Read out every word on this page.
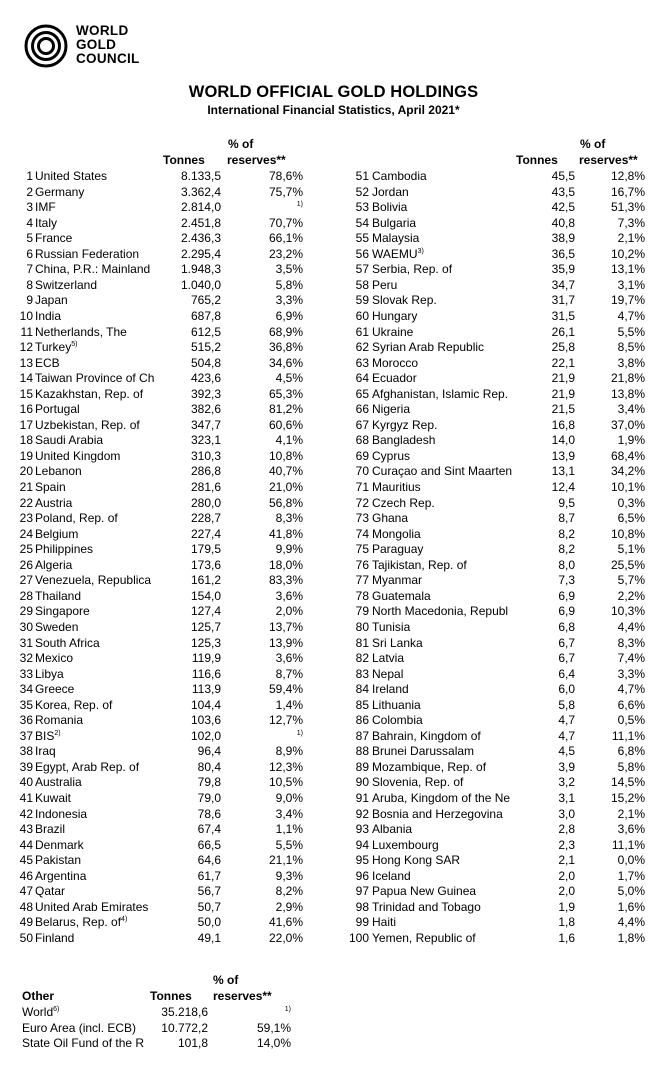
WORLD
GOLD
COUNCIL
WORLD OFFICIAL GOLD HOLDINGS
International Financial Statistics, April 2021*
% of
Tonnes reserves**
% of
Tonnes reserves**
1 United States	8.133,5	78,6%
2 Germany	3.362,4	75,7%
3 IMF	2.814,0	$^{1)}$
4 Italy	2.451,8	70,7%
5 France	2.436,3	66,1%
6 Russian Federation	2.295,4	23,2%
7 China, P.R.: Mainland	1.948,3	3,5%
8 Switzerland	1.040,0	5,8%
9 Japan	765,2	3,3%
10 India	687,8	6,9%
11 Netherlands, The	612,5	68,9%
12 Turkey$^{5)}$	515,2	36,8%
13 ECB	504,8	34,6%
14 Taiwan Province of Ch	423,6	4,5%
15 Kazakhstan, Rep. of	392,3	65,3%
16 Portugal	382,6	81,2%
17 Uzbekistan, Rep. of	347,7	60,6%
18 Saudi Arabia	323,1	4,1%
19 United Kingdom	310,3	10,8%
20 Lebanon	286,8	40,7%
21 Spain	281,6	21,0%
22 Austria	280,0	56,8%
23 Poland, Rep. of	228,7	8,3%
24 Belgium	227,4	41,8%
25 Philippines	179,5	9,9%
26 Algeria	173,6	18,0%
27 Venezuela, Republica	161,2	83,3%
28 Thailand	154,0	3,6%
29 Singapore	127,4	2,0%
30 Sweden	125,7	13,7%
31 South Africa	125,3	13,9%
32 Mexico	119,9	3,6%
33 Libya	116,6	8,7%
34 Greece	113,9	59,4%
35 Korea, Rep. of	104,4	1,4%
36 Romania	103,6	12,7%
37 BIS$^{2)}$	102,0	$^{1)}$
38 Iraq	96,4	8,9%
39 Egypt, Arab Rep. of	80,4	12,3%
40 Australia	79,8	10,5%
41 Kuwait	79,0	9,0%
42 Indonesia	78,6	3,4%
43 Brazil	67,4	1,1%
44 Denmark	66,5	5,5%
45 Pakistan	64,6	21,1%
46 Argentina	61,7	9,3%
47 Qatar	56,7	8,2%
48 United Arab Emirates	50,7	2,9%
49 Belarus, Rep. of$^{4)}$	50,0	41,6%
50 Finland	49,1	22,0%
51 Cambodia	45,5	12,8%
52 Jordan	43,5	16,7%
53 Bolivia	42,5	51,3%
54 Bulgaria	40,8	7,3%
55 Malaysia	38,9	2,1%
56 WAEMU$^{3)}$	36,5	10,2%
57 Serbia, Rep. of	35,9	13,1%
58 Peru	34,7	3,1%
59 Slovak Rep.	31,7	19,7%
60 Hungary	31,5	4,7%
61 Ukraine	26,1	5,5%
62 Syrian Arab Republic	25,8	8,5%
63 Morocco	22,1	3,8%
64 Ecuador	21,9	21,8%
65 Afghanistan, Islamic Rep.	21,9	13,8%
66 Nigeria	21,5	3,4%
67 Kyrgyz Rep.	16,8	37,0%
68 Bangladesh	14,0	1,9%
69 Cyprus	13,9	68,4%
70 Curaçao and Sint Maarten	13,1	34,2%
71 Mauritius	12,4	10,1%
72 Czech Rep.	9,5	0,3%
73 Ghana	8,7	6,5%
74 Mongolia	8,2	10,8%
75 Paraguay	8,2	5,1%
76 Tajikistan, Rep. of	8,0	25,5%
77 Myanmar	7,3	5,7%
78 Guatemala	6,9	2,2%
79 North Macedonia, Republ	6,9	10,3%
80 Tunisia	6,8	4,4%
81 Sri Lanka	6,7	8,3%
82 Latvia	6,7	7,4%
83 Nepal	6,4	3,3%
84 Ireland	6,0	4,7%
85 Lithuania	5,8	6,6%
86 Colombia	4,7	0,5%
87 Bahrain, Kingdom of	4,7	11,1%
88 Brunei Darussalam	4,5	6,8%
89 Mozambique, Rep. of	3,9	5,8%
90 Slovenia, Rep. of	3,2	14,5%
91 Aruba, Kingdom of the Ne	3,1	15,2%
92 Bosnia and Herzegovina	3,0	2,1%
93 Albania	2,8	3,6%
94 Luxembourg	2,3	11,1%
95 Hong Kong SAR	2,1	0,0%
96 Iceland	2,0	1,7%
97 Papua New Guinea	2,0	5,0%
98 Trinidad and Tobago	1,9	1,6%
99 Haiti	1,8	4,4%
100 Yemen, Republic of	1,6	1,8%
% of
Other	Tonnes reserves**
World$^{6)}$	35.218,6	$^{1)}$
Euro Area (incl. ECB)	10.772,2	59,1%
State Oil Fund of the R	101,8	14,0%
